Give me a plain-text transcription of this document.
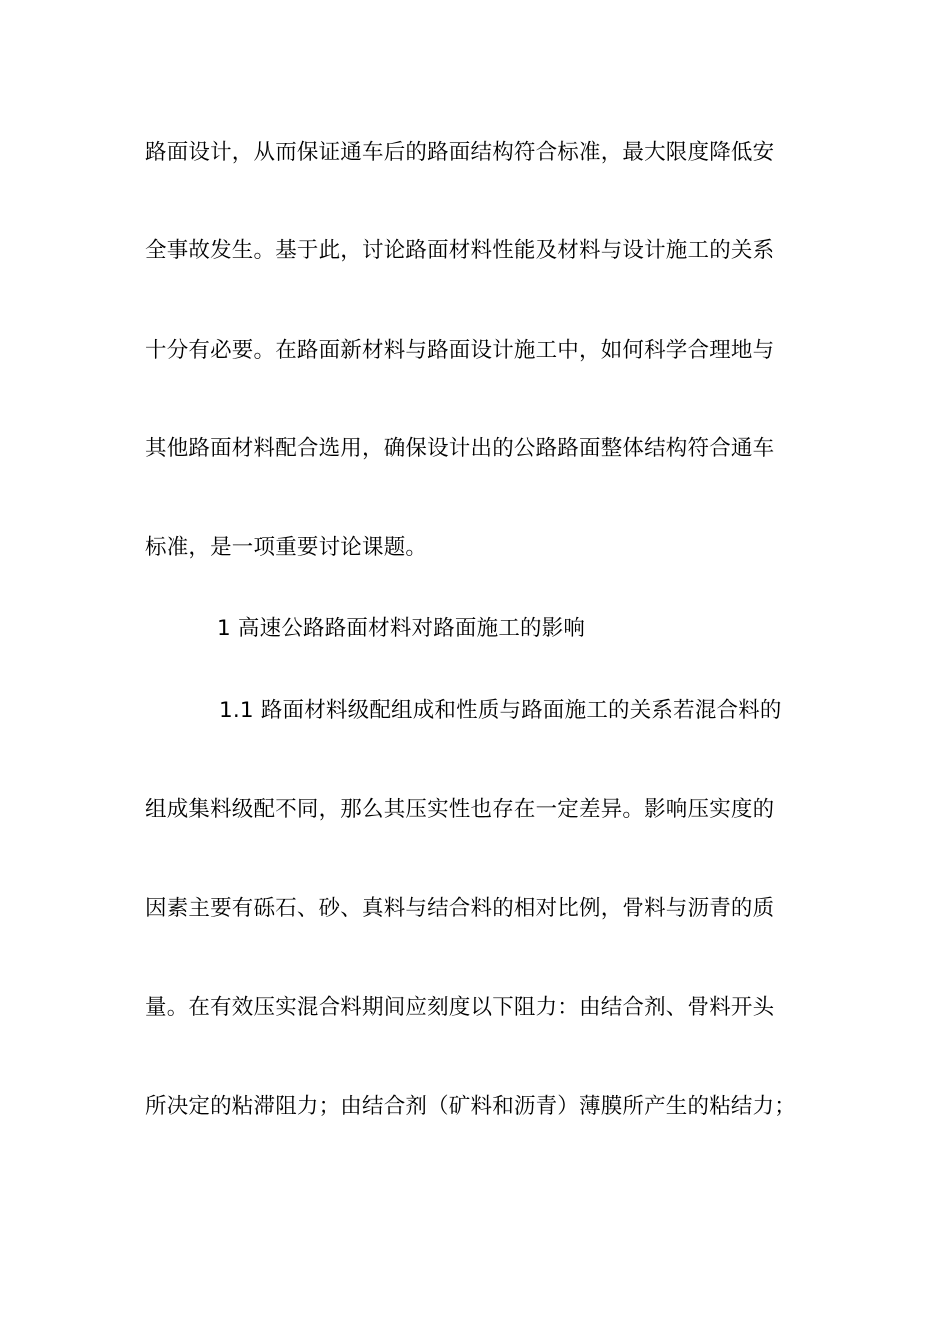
路面设计，从而保证通车后的路面结构符合标准，最大限度降低安
全事故发生。基于此，讨论路面材料性能及材料与设计施工的关系
十分有必要。在路面新材料与路面设计施工中，如何科学合理地与
其他路面材料配合选用，确保设计出的公路路面整体结构符合通车
标准，是一项重要讨论课题。
1 高速公路路面材料对路面施工的影响
1.1 路面材料级配组成和性质与路面施工的关系若混合料的
组成集料级配不同，那么其压实性也存在一定差异。影响压实度的
因素主要有砾石、砂、真料与结合料的相对比例，骨料与沥青的质
量。在有效压实混合料期间应刻度以下阻力：由结合剂、骨料开头
所决定的粘滞阻力；由结合剂（矿料和沥青）薄膜所产生的粘结力；
